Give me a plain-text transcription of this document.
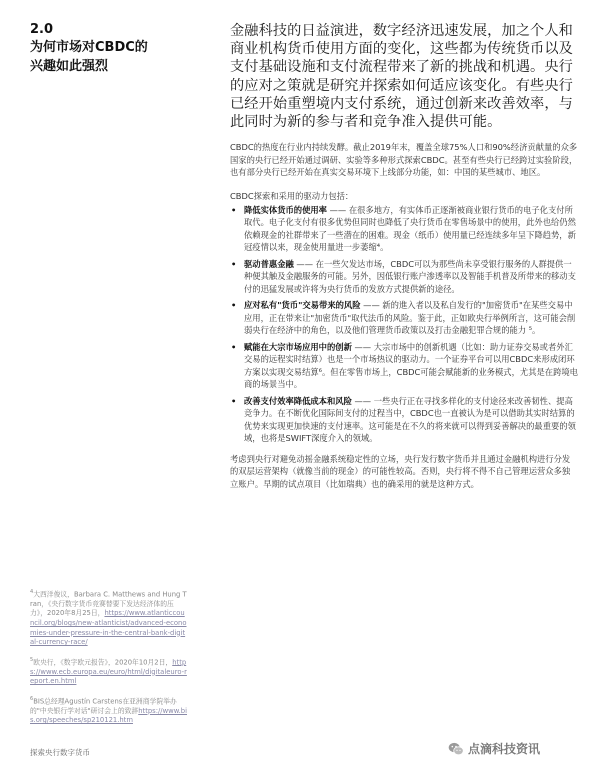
2.0
为何市场对CBDC的
兴趣如此强烈
金融科技的日益演进，数字经济迅速发展，加之个人和商业机构货币使用方面的变化，这些都为传统货币以及支付基础设施和支付流程带来了新的挑战和机遇。央行的应对之策就是研究并探索如何适应该变化。有些央行已经开始重塑境内支付系统，通过创新来改善效率，与此同时为新的参与者和竞争准入提供可能。
CBDC的热度在行业内持续发酵。截止2019年末，覆盖全球75%人口和90%经济贡献量的众多国家的央行已经开始通过调研、实验等多种形式探索CBDC。甚至有些央行已经跨过实验阶段，也有部分央行已经开始在真实交易环境下上线部分功能，如：中国的某些城市、地区。
CBDC探索和采用的驱动力包括：
• 降低实体货币的使用率 —— 在很多地方，有实体币正逐渐被商业银行货币的电子化支付所取代。电子化支付有很多优势但同时也降低了央行货币在零售场景中的使用，此外也给仍然依赖现金的社群带来了一些潜在的困难。现金（纸币）使用量已经连续多年呈下降趋势，新冠疫情以来，现金使用量进一步萎缩⁴。
• 驱动普惠金融 —— 在一些欠发达市场，CBDC可以为那些尚未享受银行服务的人群提供一种便其触及金融服务的可能。另外，因低银行账户渗透率以及智能手机普及所带来的移动支付的迅猛发展或许将为央行货币的发放方式提供新的途径。
• 应对私有"货币"交易带来的风险 —— 新的進入者以及私自发行的"加密货币"在某些交易中应用，正在带来让"加密货币"取代法币的风险。鉴于此，正如欧央行举例所言，这可能会削弱央行在经济中的角色，以及他们管理货币政策以及打击金融犯罪合规的能力 ⁵。
• 赋能在大宗市场应用中的创新 —— 大宗市场中的创新机遇（比如：助力证券交易或者外汇交易的远程实时结算）也是一个市场热议的驱动力。一个证券平台可以用CBDC来形成闭环方案以实现交易结算⁶。但在零售市场上，CBDC可能会赋能新的业务模式，尤其是在跨境电商的场景当中。
• 改善支付效率降低成本和风险 —— 一些央行正在寻找多样化的支付途径来改善韧性、提高竞争力。在不断优化国际间支付的过程当中，CBDC也一直被认为是可以借助其实时结算的优势来实现更加快速的支付速率。这可能是在不久的将来就可以得到妥善解决的最重要的领域，也将是SWIFT深度介入的领域。
考虑到央行对避免动摇金融系统稳定性的立场，央行发行数字货币并且通过金融机构进行分发的双层运营架构（就像当前的现金）的可能性较高。否则，央行将不得不自己管理运营众多独立账户。早期的试点项目（比如瑞典）也的确采用的就是这种方式。
$^4$大西洋俊议，Barbara C. Matthews and Hung Tran，《央行数字货币竞赛替要下发达经济体的压力》，2020年8月25日，https://www.atlanticcouncil.org/blogs/new-atlanticist/advanced-economies-under-pressure-in-the-central-bank-digital-currency-race/
$^5$欧央行，《数字欧元报告》，2020年10月2日，https://www.ecb.europa.eu/euro/html/digitaleuro-report.en.html
$^6$BIS总经理Agustín Carstens在亚洲商学院举办的"中央银行学对话"研讨会上的致辞https://www.bis.org/speeches/sp210121.htm
探索央行数字货币	点滴科技资讯
